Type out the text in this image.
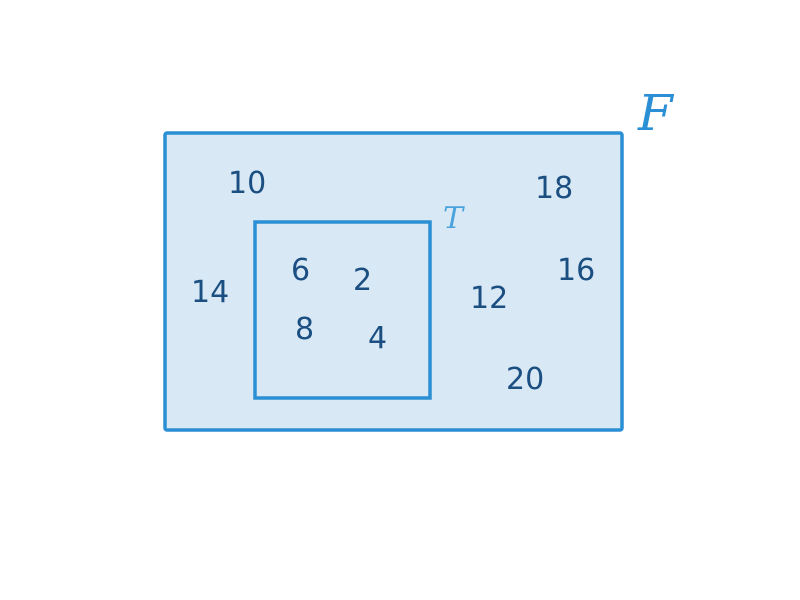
F
T
10	18
14
16
12
20
6 2
8 4
